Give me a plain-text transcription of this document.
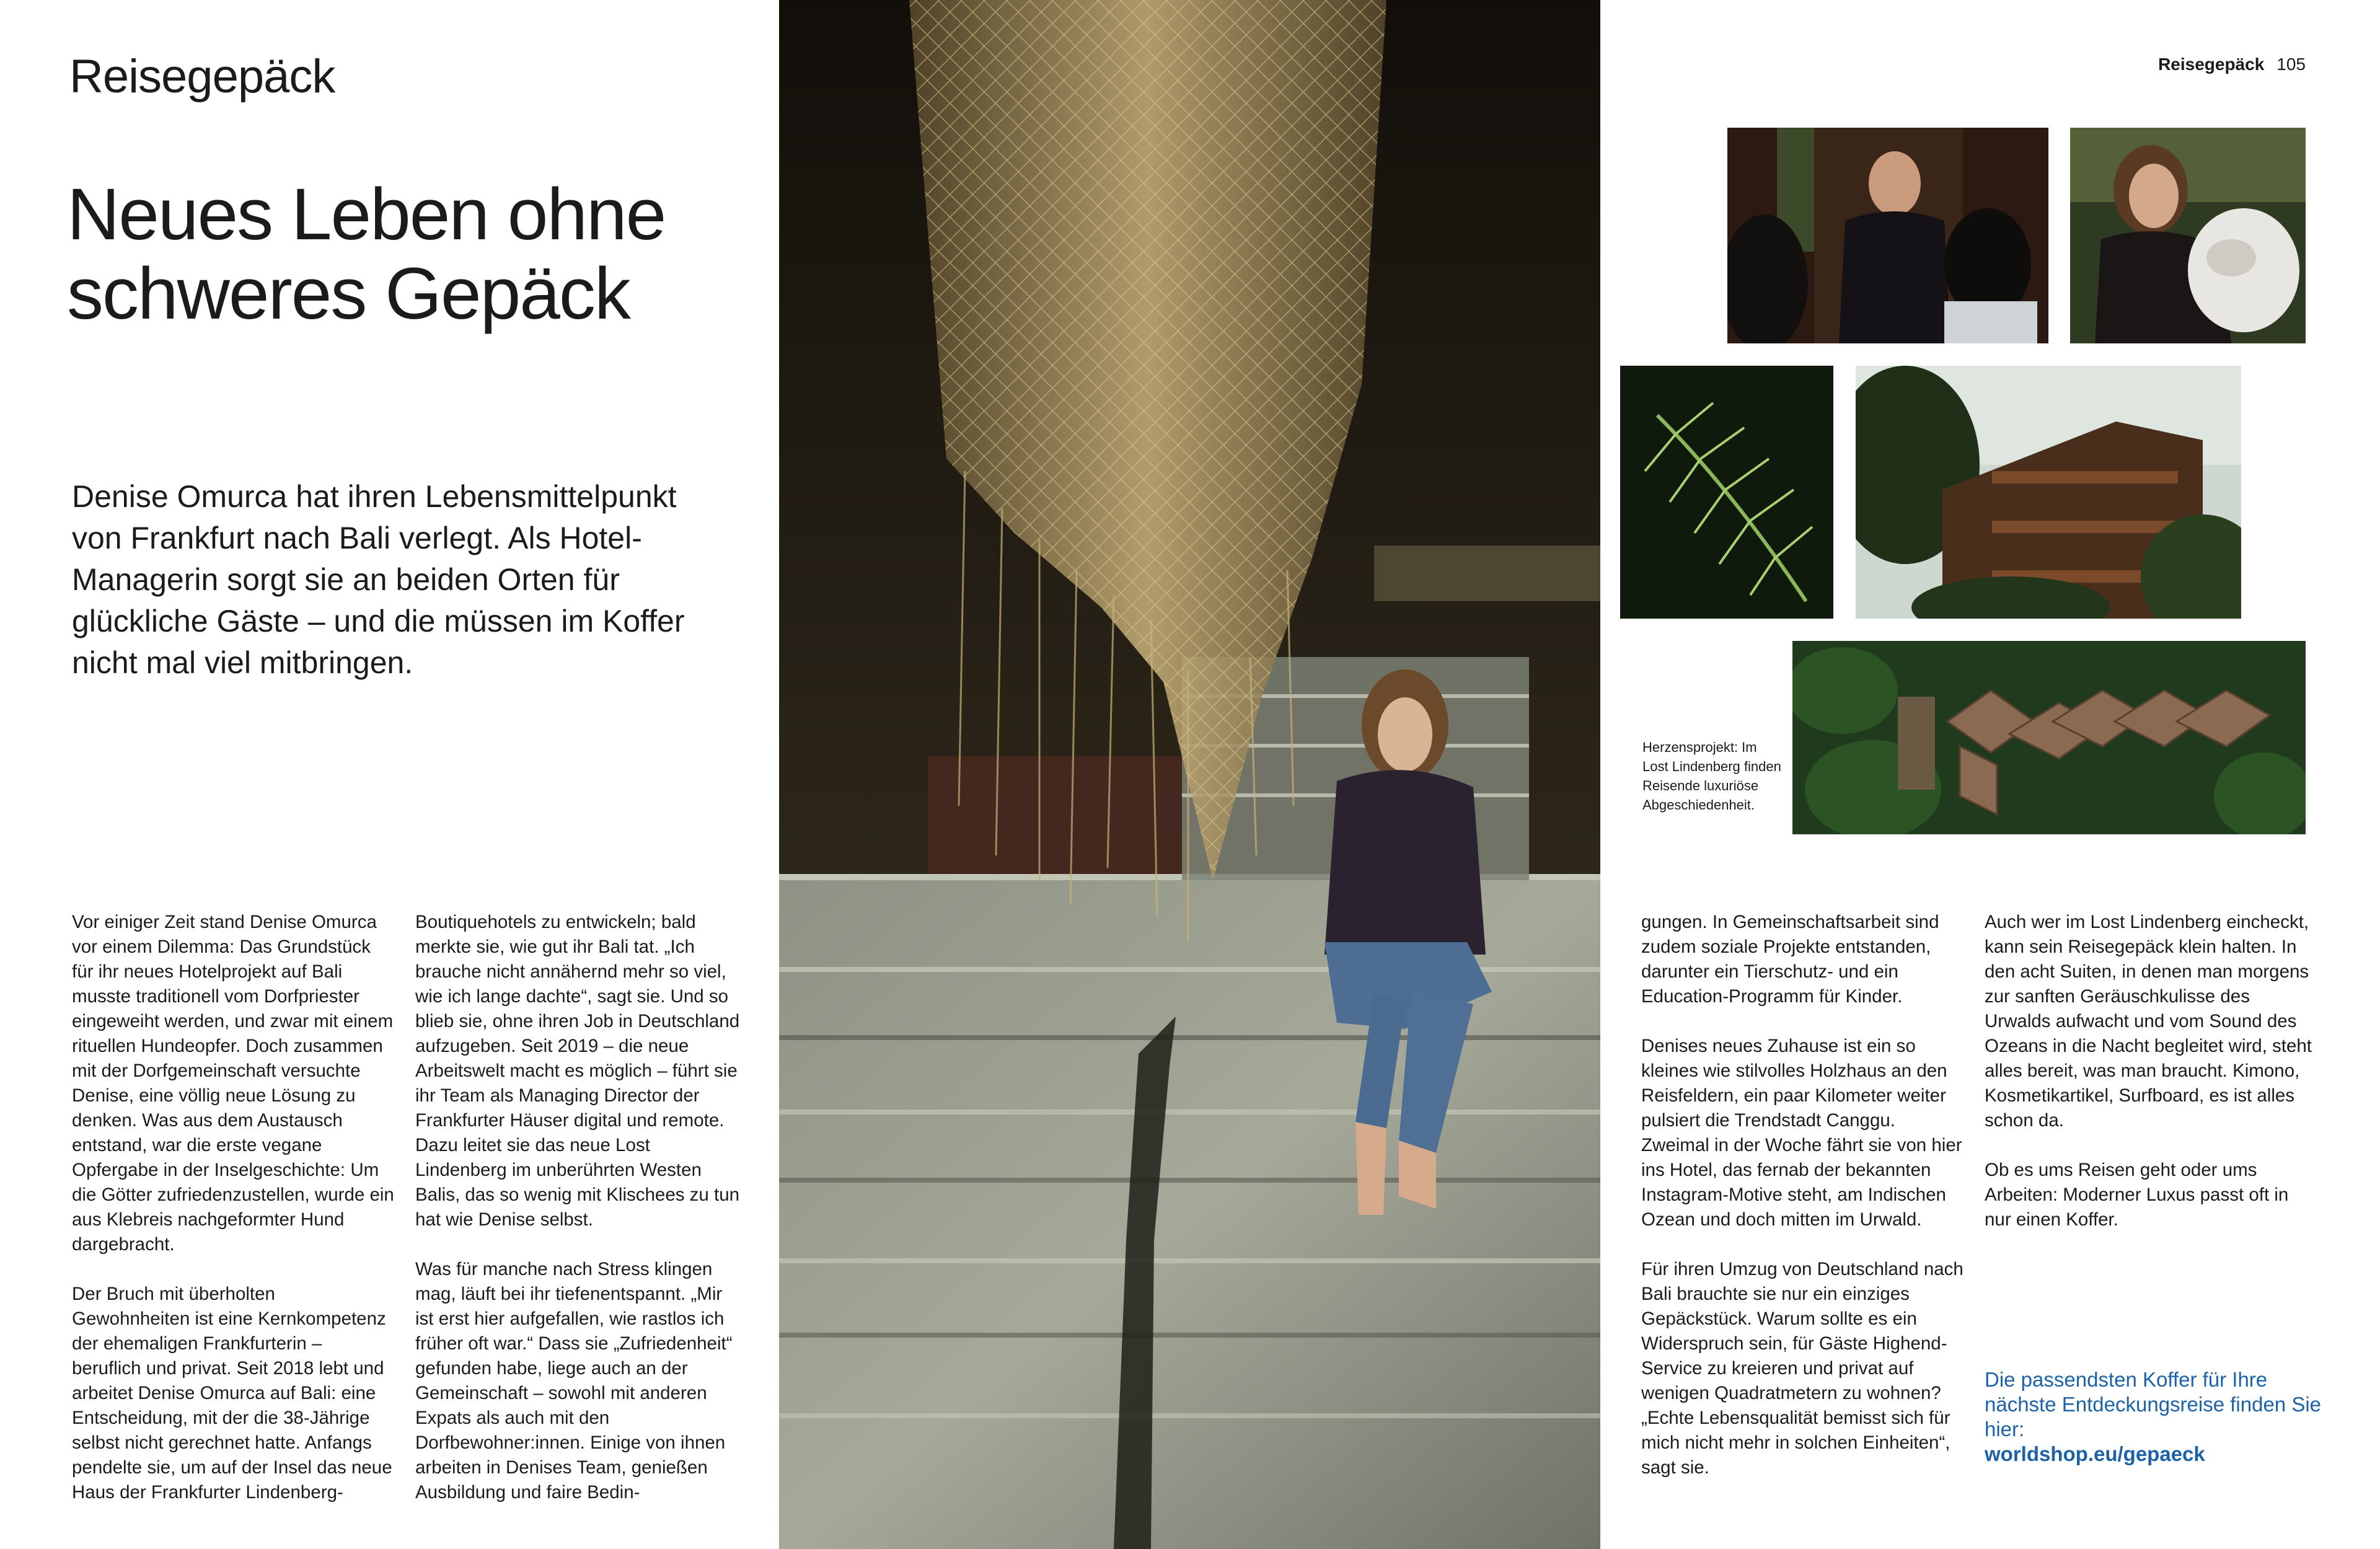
Reisegepäck
Neues Leben ohne schweres Gepäck

Denise Omurca hat ihren Lebensmittelpunkt von Frankfurt nach Bali verlegt. Als Hotel-Managerin sorgt sie an beiden Orten für glückliche Gäste – und die müssen im Koffer nicht mal viel mitbringen.

Vor einiger Zeit stand Denise Omurca vor einem Dilemma: Das Grundstück für ihr neues Hotelprojekt auf Bali musste traditionell vom Dorfpriester eingeweiht werden, und zwar mit einem rituellen Hundeopfer. Doch zusammen mit der Dorfgemeinschaft versuchte Denise, eine völlig neue Lösung zu denken. Was aus dem Austausch entstand, war die erste vegane Opfergabe in der Inselgeschichte: Um die Götter zufriedenzustellen, wurde ein aus Klebreis nachgeformter Hund dargebracht.

Der Bruch mit überholten Gewohnheiten ist eine Kernkompetenz der ehemaligen Frankfurterin – beruflich und privat. Seit 2018 lebt und arbeitet Denise Omurca auf Bali: eine Entscheidung, mit der die 38-Jährige selbst nicht gerechnet hatte. Anfangs pendelte sie, um auf der Insel das neue Haus der Frankfurter Lindenberg-

Boutiquehotels zu entwickeln; bald merkte sie, wie gut ihr Bali tat. „Ich brauche nicht annähernd mehr so viel, wie ich lange dachte“, sagt sie. Und so blieb sie, ohne ihren Job in Deutschland aufzugeben. Seit 2019 – die neue Arbeitswelt macht es möglich – führt sie ihr Team als Managing Director der Frankfurter Häuser digital und remote. Dazu leitet sie das neue Lost Lindenberg im unberührten Westen Balis, das so wenig mit Klischees zu tun hat wie Denise selbst.

Was für manche nach Stress klingen mag, läuft bei ihr tiefenentspannt. „Mir ist erst hier aufgefallen, wie rastlos ich früher oft war.“ Dass sie „Zufriedenheit“ gefunden habe, liege auch an der Gemeinschaft – sowohl mit anderen Expats als auch mit den Dorfbewohner:innen. Einige von ihnen arbeiten in Denises Team, genießen Ausbildung und faire Bedin-

Reisegepäck 105

Herzensprojekt: Im Lost Lindenberg finden Reisende luxuriöse Abgeschiedenheit.

gungen. In Gemeinschaftsarbeit sind zudem soziale Projekte entstanden, darunter ein Tierschutz- und ein Education-Programm für Kinder.

Denises neues Zuhause ist ein so kleines wie stilvolles Holzhaus an den Reisfeldern, ein paar Kilometer weiter pulsiert die Trendstadt Canggu. Zweimal in der Woche fährt sie von hier ins Hotel, das fernab der bekannten Instagram-Motive steht, am Indischen Ozean und doch mitten im Urwald.

Für ihren Umzug von Deutschland nach Bali brauchte sie nur ein einziges Gepäckstück. Warum sollte es ein Widerspruch sein, für Gäste Highend-Service zu kreieren und privat auf wenigen Quadratmetern zu wohnen? „Echte Lebensqualität bemisst sich für mich nicht mehr in solchen Einheiten“, sagt sie.

Auch wer im Lost Lindenberg eincheckt, kann sein Reisegepäck klein halten. In den acht Suiten, in denen man morgens zur sanften Geräuschkulisse des Urwalds aufwacht und vom Sound des Ozeans in die Nacht begleitet wird, steht alles bereit, was man braucht. Kimono, Kosmetikartikel, Surfboard, es ist alles schon da.

Ob es ums Reisen geht oder ums Arbeiten: Moderner Luxus passt oft in nur einen Koffer.

Die passendsten Koffer für Ihre nächste Entdeckungsreise finden Sie hier:
worldshop.eu/gepaeck
